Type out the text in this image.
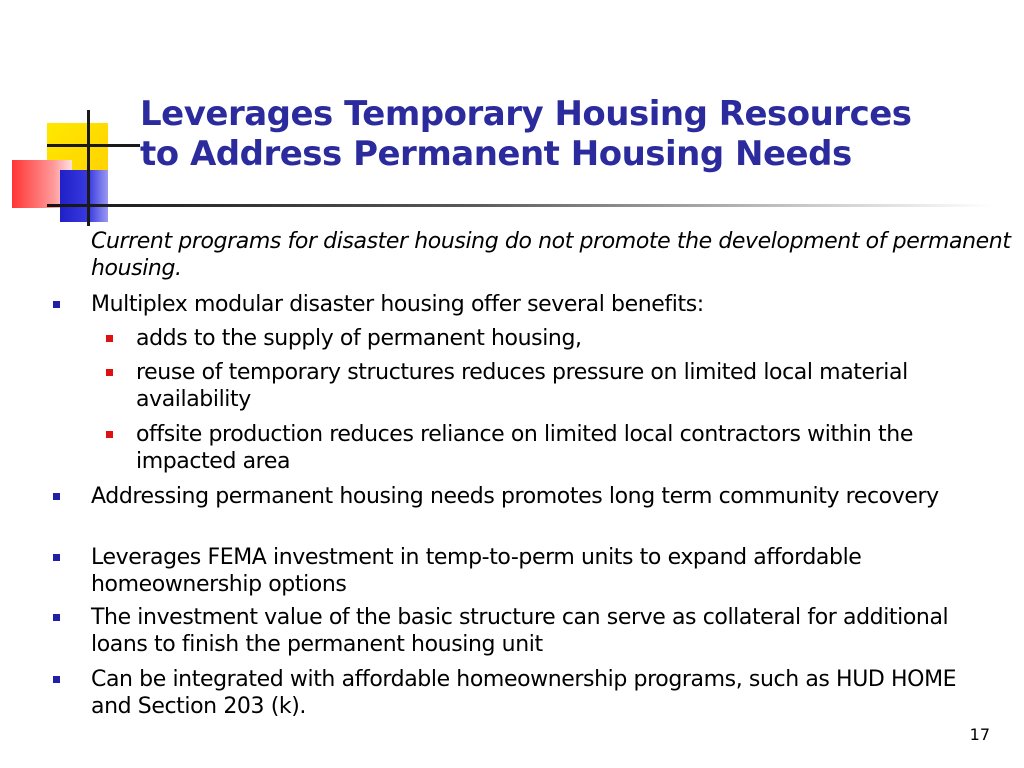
Leverages Temporary Housing Resources
to Address Permanent Housing Needs
Current programs for disaster housing do not promote the development of permanent housing.
Multiplex modular disaster housing offer several benefits:
adds to the supply of permanent housing,
reuse of temporary structures reduces pressure on limited local material availability
offsite production reduces reliance on limited local contractors within the impacted area
Addressing permanent housing needs promotes long term community recovery
Leverages FEMA investment in temp-to-perm units to expand affordable homeownership options
The investment value of the basic structure can serve as collateral for additional loans to finish the permanent housing unit
Can be integrated with affordable homeownership programs, such as HUD HOME and Section 203 (k).
17
